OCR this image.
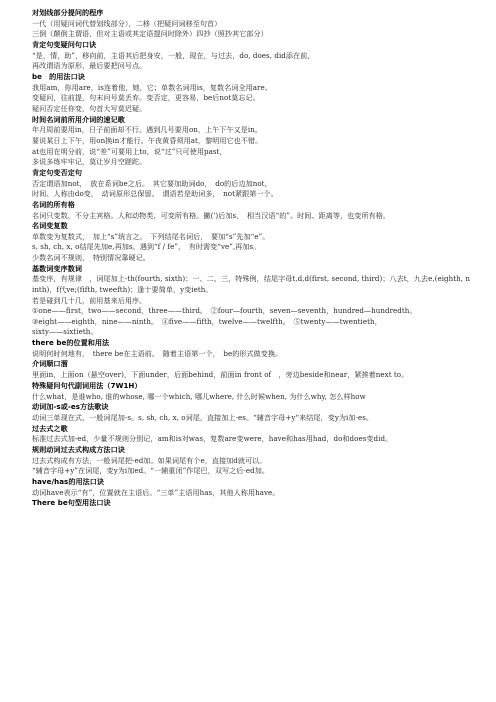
对划线部分提问的程序
一代（用疑问词代替划线部分），二移（把疑问词移至句首）
三倒（颠倒主谓语，但对主语或其定语提问时除外）四抄（照抄其它部分）
肯定句变疑问句口诀
“是，情，助”，移向前，主语其后把身安，一般，现在，与过去，do, does, did添在前，
再改谓语为原形，最后要把问号点。
be　的用法口诀
我用am，你用are，is连着他，她，它；单数名词用is，复数名词全用are。
变疑问，往前提，句末问号莫丢弃。变否定，更容易，be后not莫忘记。
疑问否定任你变，句首大写莫迟疑。
时间名词前所用介词的速记歌
年月周前要用in，日子前面却不行。遇到几号要用on，上午下午又是in。
要说某日上下午，用on换in才能行。午夜黄昏须用at，黎明用它也不错。
at也用在明分前，说“差”可要用上to，说“过”只可使用past，
多说多练牢牢记，莫让岁月空蹉跎。
肯定句变否定句
否定谓语加not，　放在系词be之后。　其它要加助词do，　do的后边加not，
时间、人称由do变，　动词原形总保留。　谓语若是助词多，　not紧跟第一个。
名词的所有格
名词只变数，不分主宾格。人和动物类，可变所有格。撇(')后加s，　相当汉语“的”。时间、距离等，也变所有格。
名词变复数
单数变为复数式，　加上“s”统言之。　下列结尾名词后，　要加“s”先加“e”。
s, sh, ch, x, o结尾先加e,再加s。遇到“f / fe”，　有时需变“ve”,再加s。
少数名词不规则，　特别情况靠硬记。
基数词变序数词
基变序，有规律　，词尾加上-th(fourth, sixth)；一、二、三，特殊例，结尾字母t,d,d(first, second, third)；八去t，九去e,(eighth, ninth)，f代ve;(fifth, tweefth)；逢十要简单，y变ieth。
若是碰到几十几，前用基来后用序。
①one——first，two——second，three——third。　②four—fourth，seven—seventh，hundred—hundredth。
③eight——eighth，nine——ninth。　④five——fifth，twelve——twelfth。　⑤twenty——twentieth，
sixty——sixtieth。
there be的位置和用法
说明何时何地有，　there be在主语前。　随着主语第一个，　be的形式做变换。
介词顺口溜
里面in，上面on（悬空over)，下面under，后面behind，前面in front of　，旁边beside和near，紧挨着next to。
特殊疑问句代副词用法（7W1H）
什么what，是谁who, 谁的whose, 哪一个which, 哪儿where, 什么时候when, 为什么why, 怎么样how
动词加-s或-es方法歌诀
动词三单现在式，一般词尾加-s。s, sh, ch, x, o词尾，直接加上-es。“辅音字母+y“来结尾，变y为i加-es。
过去式之歌
标准过去式加-ed，少量不规则分别记，am和is对was，复数are变were，have和has用had，do和does变did。
规则动词过去式构成方法口诀
过去式构成有方法，一般词尾把-ed加。如果词尾有个e，直接加d就可以。
“辅音字母+y”在词尾，变y为i加ed。“一辅重闭”作尾巴，双写之后-ed加。
have/has的用法口诀
动词have表示“有”，位置就在主语后。“三单”主语用has，其他人称用have。
There be句型用法口诀
